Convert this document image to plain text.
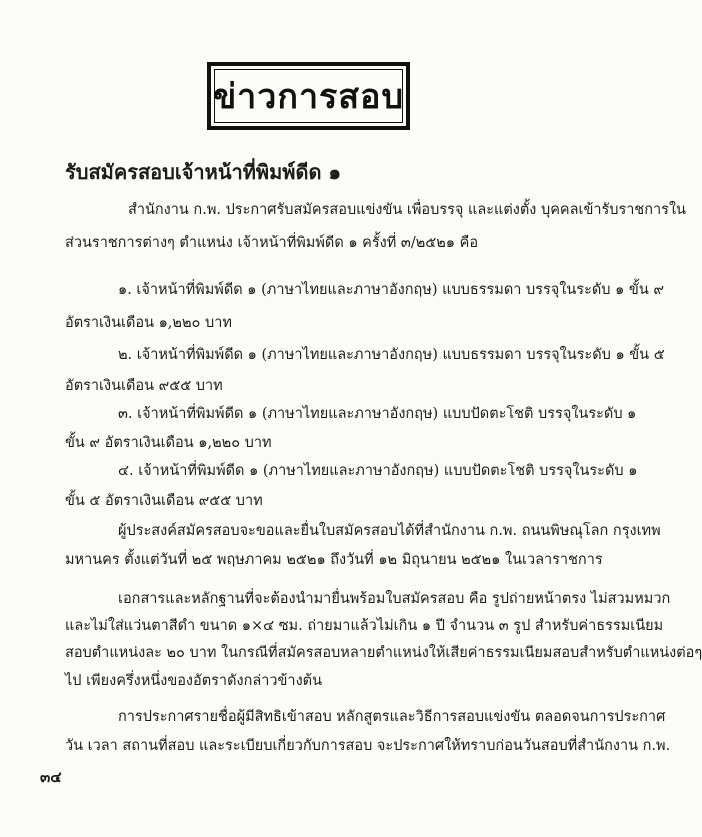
ข่าวการสอบ
รับสมัครสอบเจ้าหน้าที่พิมพ์ดีด ๑
สำนักงาน ก.พ. ประกาศรับสมัครสอบแข่งขัน เพื่อบรรจุ และแต่งตั้ง บุคคลเข้ารับราชการใน
ส่วนราชการต่างๆ ตำแหน่ง เจ้าหน้าที่พิมพ์ดีด ๑ ครั้งที่ ๓/๒๕๒๑ คือ
๑. เจ้าหน้าที่พิมพ์ดีด ๑ (ภาษาไทยและภาษาอังกฤษ) แบบธรรมดา บรรจุในระดับ ๑ ขั้น ๙
อัตราเงินเดือน ๑,๒๒๐ บาท
๒. เจ้าหน้าที่พิมพ์ดีด ๑ (ภาษาไทยและภาษาอังกฤษ) แบบธรรมดา บรรจุในระดับ ๑ ขั้น ๕
อัตราเงินเดือน ๙๕๕ บาท
๓. เจ้าหน้าที่พิมพ์ดีด ๑ (ภาษาไทยและภาษาอังกฤษ) แบบปัดตะโชติ บรรจุในระดับ ๑
ขั้น ๙ อัตราเงินเดือน ๑,๒๒๐ บาท
๔. เจ้าหน้าที่พิมพ์ดีด ๑ (ภาษาไทยและภาษาอังกฤษ) แบบปัดตะโชติ บรรจุในระดับ ๑
ขั้น ๕ อัตราเงินเดือน ๙๕๕ บาท
ผู้ประสงค์สมัครสอบจะขอและยื่นใบสมัครสอบได้ที่สำนักงาน ก.พ. ถนนพิษณุโลก กรุงเทพ
มหานคร ตั้งแต่วันที่ ๒๕ พฤษภาคม ๒๕๒๑ ถึงวันที่ ๑๒ มิถุนายน ๒๕๒๑ ในเวลาราชการ
เอกสารและหลักฐานที่จะต้องนำมายื่นพร้อมใบสมัครสอบ คือ รูปถ่ายหน้าตรง ไม่สวมหมวก
และไม่ใส่แว่นตาสีดำ ขนาด ๑×๔ ซม. ถ่ายมาแล้วไม่เกิน ๑ ปี จำนวน ๓ รูป สำหรับค่าธรรมเนียม
สอบตำแหน่งละ ๒๐ บาท ในกรณีที่สมัครสอบหลายตำแหน่งให้เสียค่าธรรมเนียมสอบสำหรับตำแหน่งต่อๆ
ไป เพียงครึ่งหนึ่งของอัตราดังกล่าวข้างต้น
การประกาศรายชื่อผู้มีสิทธิเข้าสอบ หลักสูตรและวิธีการสอบแข่งขัน ตลอดจนการประกาศ
วัน เวลา สถานที่สอบ และระเบียบเกี่ยวกับการสอบ จะประกาศให้ทราบก่อนวันสอบที่สำนักงาน ก.พ.
๓๔
